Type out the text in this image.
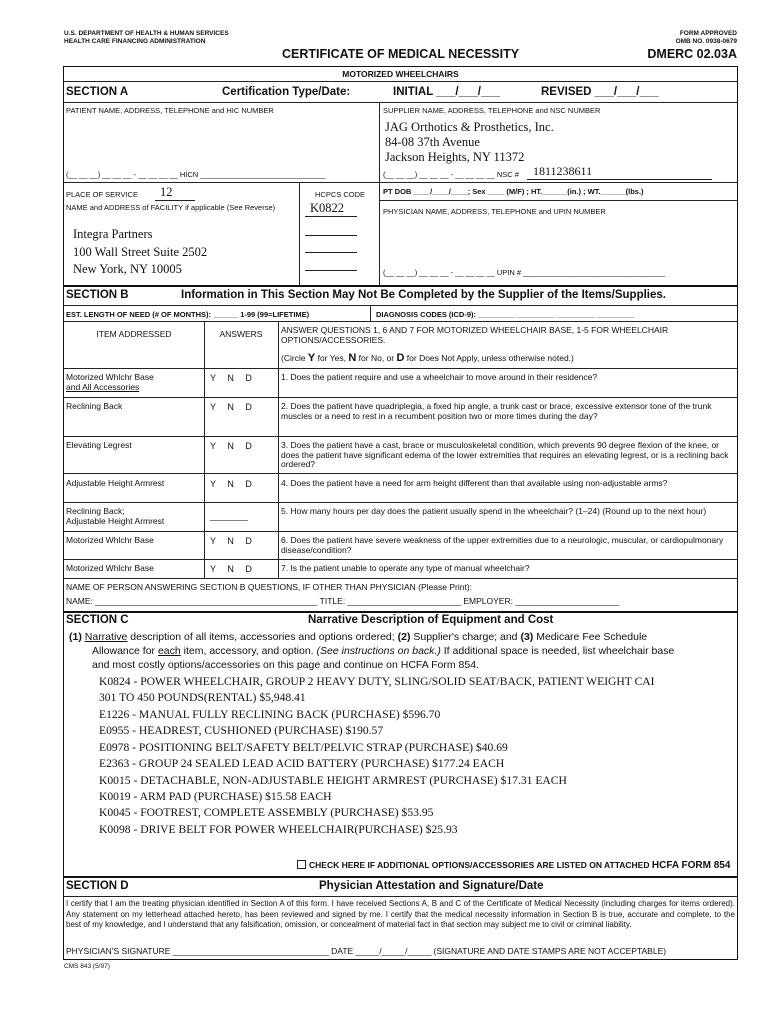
U.S. DEPARTMENT OF HEALTH & HUMAN SERVICES
HEALTH CARE FINANCING ADMINISTRATION
FORM APPROVED
OMB NO. 0938-0679
CERTIFICATE OF MEDICAL NECESSITY	DMERC 02.03A
MOTORIZED WHEELCHAIRS
SECTION A	Certification Type/Date:	INITIAL ___/___/___	REVISED ___/___/___
PATIENT NAME, ADDRESS, TELEPHONE and HIC NUMBER
(__ __ __) __ __ __ - __ __ __ __ HICN ______________________________
SUPPLIER NAME, ADDRESS, TELEPHONE and NSC NUMBER
JAG Orthotics & Prosthetics, Inc.
84-08 37th Avenue
Jackson Heights, NY 11372
(__ __ __) __ __ __ - __ __ __ __ NSC #	1811238611
PLACE OF SERVICE	12
NAME and ADDRESS of FACILITY if applicable (See Reverse)
Integra Partners
100 Wall Street Suite 2502
New York, NY 10005
HCPCS CODE
K0822
PT DOB ____/____/____; Sex ____ (M/F) ; HT.______(in.) ; WT.______(lbs.)
PHYSICIAN NAME, ADDRESS, TELEPHONE and UPIN NUMBER
(__ __ __) __ __ __ - __ __ __ __ UPIN # __________________________________
SECTION B	Information in This Section May Not Be Completed by the Supplier of the Items/Supplies.
EST. LENGTH OF NEED (# OF MONTHS): ______ 1-99 (99=LIFETIME)	DIAGNOSIS CODES (ICD-9): _________ _________ _________ _________
ITEM ADDRESSED	ANSWERS	ANSWER QUESTIONS 1, 6 AND 7 FOR MOTORIZED WHEELCHAIR BASE, 1-5 FOR WHEELCHAIR OPTIONS/ACCESSORIES.
(Circle Y for Yes, N for No, or D for Does Not Apply, unless otherwise noted.)
Motorized Whlchr Base
and All Accessories
Y N D	1. Does the patient require and use a wheelchair to move around in their residence?
Reclining Back	Y N D	2. Does the patient have quadriplegia, a fixed hip angle, a trunk cast or brace, excessive extensor tone of the trunk muscles or a need to rest in a recumbent position two or more times during the day?
Elevating Legrest	Y N D	3. Does the patient have a cast, brace or musculoskeletal condition, which prevents 90 degree flexion of the knee, or does the patient have significant edema of the lower extremities that requires an elevating legrest, or is a reclining back ordered?
Adjustable Height Armrest	Y N D	4. Does the patient have a need for arm height different than that available using non-adjustable arms?
Reclining Back;
Adjustable Height Armrest	________	5. How many hours per day does the patient usually spend in the wheelchair? (1–24) (Round up to the next hour)
Motorized Whlchr Base	Y N D	6. Does the patient have severe weakness of the upper extremities due to a neurologic, muscular, or cardiopulmonary disease/condition?
Motorized Whlchr Base	Y N D	7. Is the patient unable to operate any type of manual wheelchair?
NAME OF PERSON ANSWERING SECTION B QUESTIONS, IF OTHER THAN PHYSICIAN (Please Print):
NAME: _______________________________________________ TITLE: ________________________ EMPLOYER: ______________________
SECTION C	Narrative Description of Equipment and Cost
(1) Narrative description of all items, accessories and options ordered; (2) Supplier's charge; and (3) Medicare Fee Schedule
Allowance for each item, accessory, and option. (See instructions on back.) If additional space is needed, list wheelchair base
and most costly options/accessories on this page and continue on HCFA Form 854.
K0824 - POWER WHEELCHAIR, GROUP 2 HEAVY DUTY, SLING/SOLID SEAT/BACK, PATIENT WEIGHT CAI
301 TO 450 POUNDS(RENTAL) $5,948.41
E1226 - MANUAL FULLY RECLINING BACK (PURCHASE) $596.70
E0955 - HEADREST, CUSHIONED (PURCHASE) $190.57
E0978 - POSITIONING BELT/SAFETY BELT/PELVIC STRAP (PURCHASE) $40.69
E2363 - GROUP 24 SEALED LEAD ACID BATTERY (PURCHASE) $177.24 EACH
K0015 - DETACHABLE, NON-ADJUSTABLE HEIGHT ARMREST (PURCHASE) $17.31 EACH
K0019 - ARM PAD (PURCHASE) $15.58 EACH
K0045 - FOOTREST, COMPLETE ASSEMBLY (PURCHASE) $53.95
K0098 - DRIVE BELT FOR POWER WHEELCHAIR(PURCHASE) $25.93
CHECK HERE IF ADDITIONAL OPTIONS/ACCESSORIES ARE LISTED ON ATTACHED HCFA FORM 854
SECTION D	Physician Attestation and Signature/Date
I certify that I am the treating physician identified in Section A of this form. I have received Sections A, B and C of the Certificate of Medical Necessity (including charges for items ordered). Any statement on my letterhead attached hereto, has been reviewed and signed by me. I certify that the medical necessity information in Section B is true, accurate and complete, to the best of my knowledge, and I understand that any falsification, omission, or concealment of material fact in that section may subject me to civil or criminal liability.
PHYSICIAN'S SIGNATURE _________________________________ DATE _____/_____/_____ (SIGNATURE AND DATE STAMPS ARE NOT ACCEPTABLE)
CMS 843 (5/97)
